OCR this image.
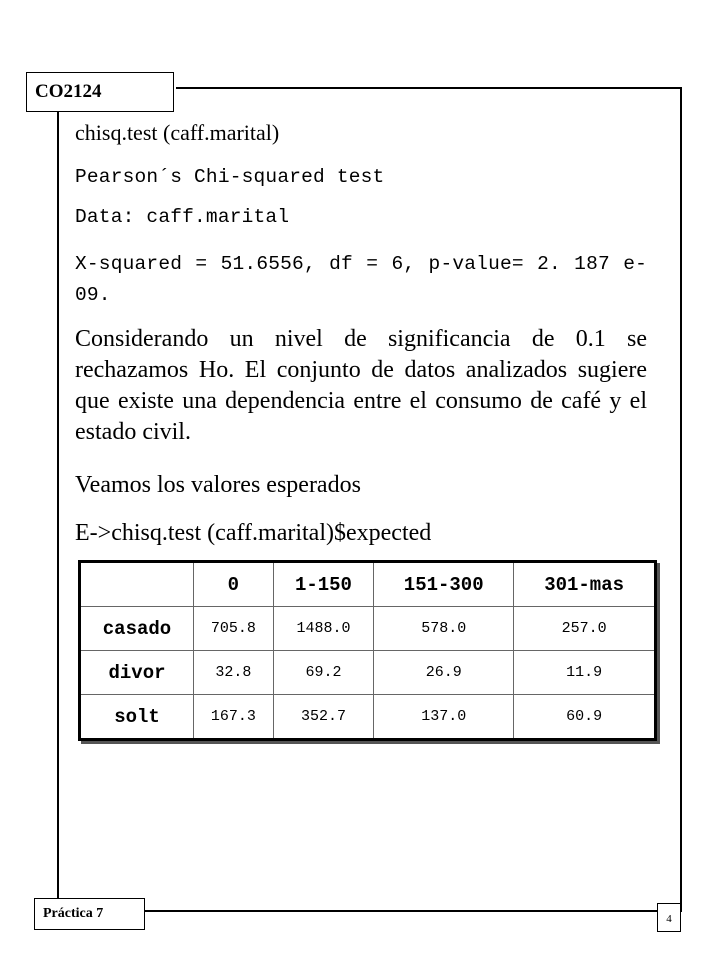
CO2124
Práctica 7	4
chisq.test (caff.marital)
Pearson´s Chi-squared test
Data: caff.marital
X-squared = 51.6556, df = 6, p-value= 2. 187 e-09.
Considerando un nivel de significancia de 0.1 se rechazamos Ho. El conjunto de datos analizados sugiere que existe una dependencia entre el consumo de café y el estado civil.
Veamos los valores esperados
E->chisq.test (caff.marital)$expected
	0	1-150	151-300	301-mas
casado	705.8	1488.0	578.0	257.0
divor	32.8	69.2	26.9	11.9
solt	167.3	352.7	137.0	60.9
